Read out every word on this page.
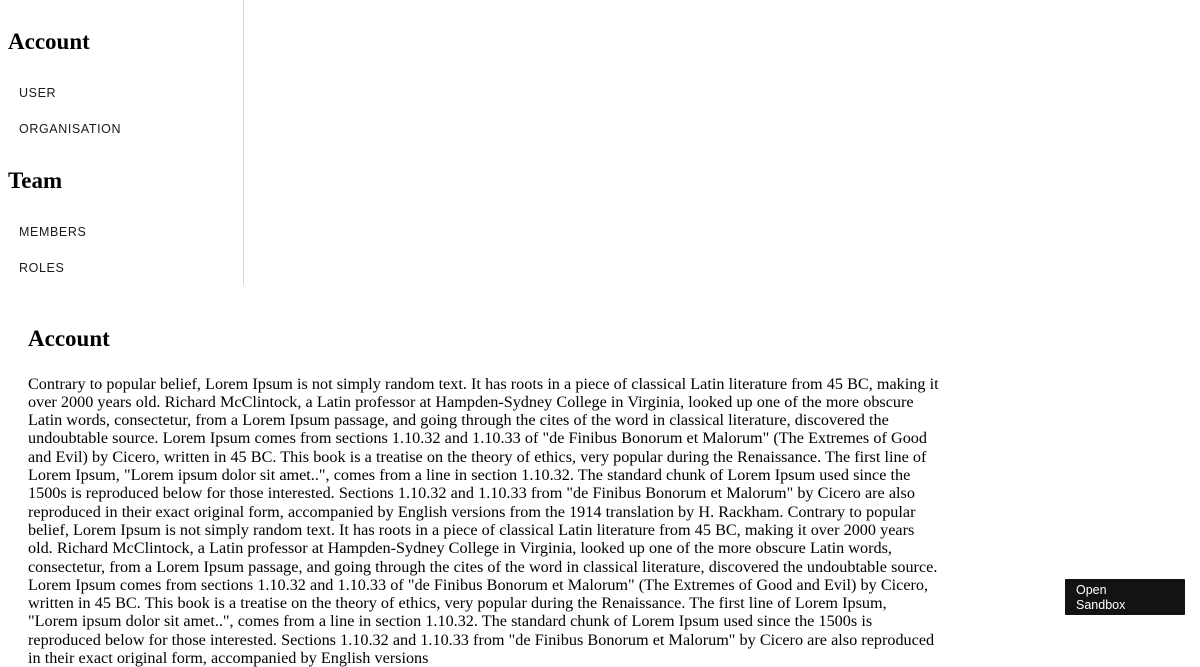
Account
USER
ORGANISATION
Team
MEMBERS
ROLES
Account

Contrary to popular belief, Lorem Ipsum is not simply random text. It has roots in a piece of classical Latin literature from 45 BC, making it over 2000 years old. Richard McClintock, a Latin professor at Hampden-Sydney College in Virginia, looked up one of the more obscure Latin words, consectetur, from a Lorem Ipsum passage, and going through the cites of the word in classical literature, discovered the undoubtable source. Lorem Ipsum comes from sections 1.10.32 and 1.10.33 of "de Finibus Bonorum et Malorum" (The Extremes of Good and Evil) by Cicero, written in 45 BC. This book is a treatise on the theory of ethics, very popular during the Renaissance. The first line of Lorem Ipsum, "Lorem ipsum dolor sit amet..", comes from a line in section 1.10.32. The standard chunk of Lorem Ipsum used since the 1500s is reproduced below for those interested. Sections 1.10.32 and 1.10.33 from "de Finibus Bonorum et Malorum" by Cicero are also reproduced in their exact original form, accompanied by English versions from the 1914 translation by H. Rackham. Contrary to popular belief, Lorem Ipsum is not simply random text. It has roots in a piece of classical Latin literature from 45 BC, making it over 2000 years old. Richard McClintock, a Latin professor at Hampden-Sydney College in Virginia, looked up one of the more obscure Latin words, consectetur, from a Lorem Ipsum passage, and going through the cites of the word in classical literature, discovered the undoubtable source. Lorem Ipsum comes from sections 1.10.32 and 1.10.33 of "de Finibus Bonorum et Malorum" (The Extremes of Good and Evil) by Cicero, written in 45 BC. This book is a treatise on the theory of ethics, very popular during the Renaissance. The first line of Lorem Ipsum, "Lorem ipsum dolor sit amet..", comes from a line in section 1.10.32. The standard chunk of Lorem Ipsum used since the 1500s is reproduced below for those interested. Sections 1.10.32 and 1.10.33 from "de Finibus Bonorum et Malorum" by Cicero are also reproduced in their exact original form, accompanied by English versions

Open
Sandbox
